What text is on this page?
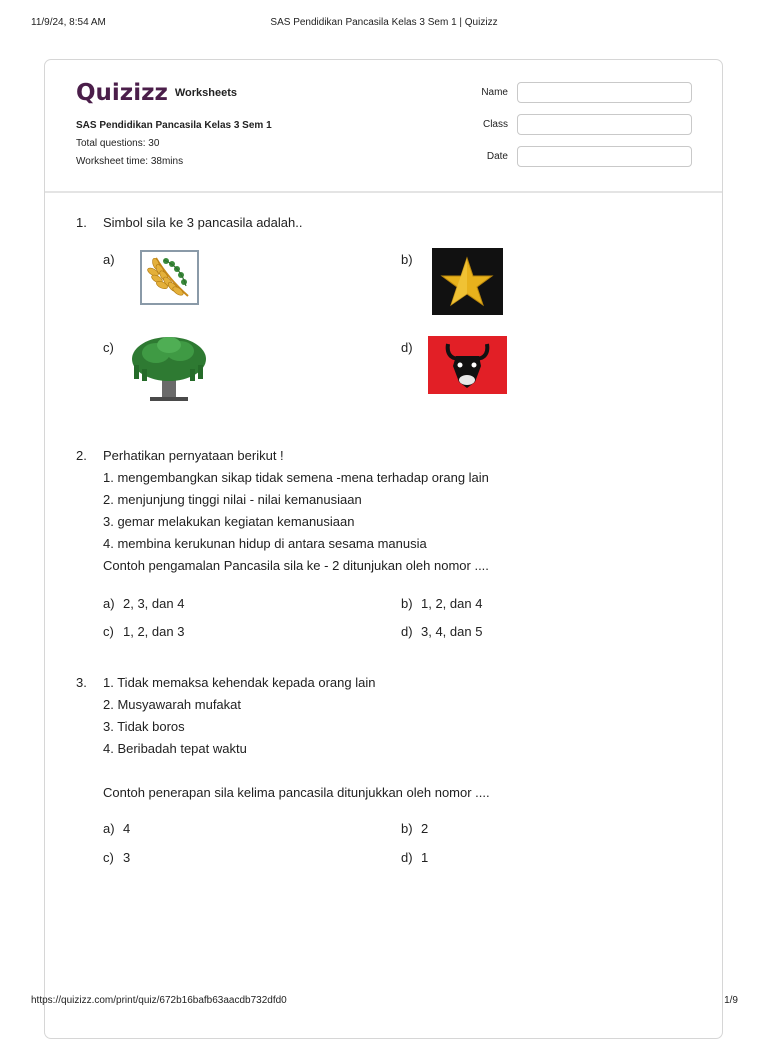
SAS Pendidikan Pancasila Kelas 3 Sem 1 | Quizizz
11/9/24, 8:54 AM
Quizizz Worksheets
SAS Pendidikan Pancasila Kelas 3 Sem 1
Total questions: 30
Worksheet time: 38mins
Name
Class
Date
1.	Simbol sila ke 3 pancasila adalah..
a)	b)
c)	d)
2.	Perhatikan pernyataan berikut !
1. mengembangkan sikap tidak semena -mena terhadap orang lain
2. menjunjung tinggi nilai - nilai kemanusiaan
3. gemar melakukan kegiatan kemanusiaan
4. membina kerukunan hidup di antara sesama manusia
Contoh pengamalan Pancasila sila ke - 2 ditunjukan oleh nomor ....
a) 2, 3, dan 4	b) 1, 2, dan 4
c) 1, 2, dan 3	d) 3, 4, dan 5
3.	1. Tidak memaksa kehendak kepada orang lain
2. Musyawarah mufakat
3. Tidak boros
4. Beribadah tepat waktu
Contoh penerapan sila kelima pancasila ditunjukkan oleh nomor ....
a) 4	b) 2
c) 3	d) 1
https://quizizz.com/print/quiz/672b16bafb63aacdb732dfd0	1/9
